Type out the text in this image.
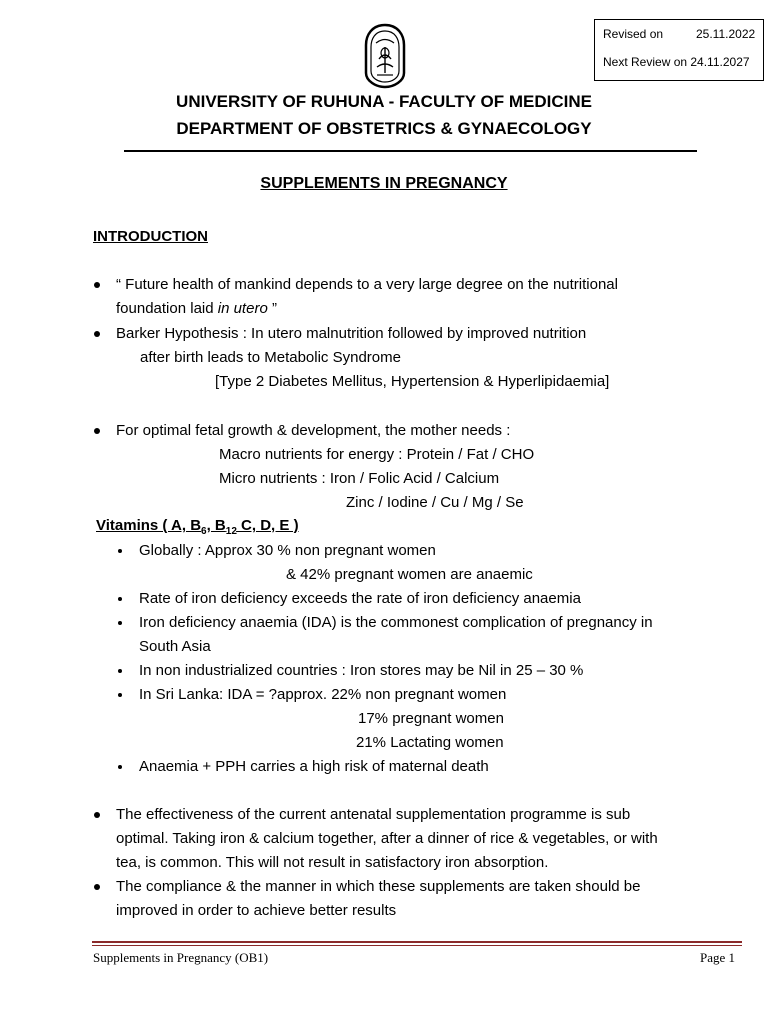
Revised on	25.11.2022
Next Review on 24.11.2027
UNIVERSITY OF RUHUNA - FACULTY OF MEDICINE
DEPARTMENT OF OBSTETRICS & GYNAECOLOGY
SUPPLEMENTS IN PREGNANCY
INTRODUCTION
“ Future health of mankind depends to a very large degree on the nutritional
foundation laid in utero ”
Barker Hypothesis : In utero malnutrition followed by improved nutrition
after birth leads to Metabolic Syndrome
[Type 2 Diabetes Mellitus, Hypertension & Hyperlipidaemia]
For optimal fetal growth & development, the mother needs :
Macro nutrients for energy : Protein / Fat / CHO
Micro nutrients : Iron / Folic Acid / Calcium
Zinc / Iodine / Cu / Mg / Se
Vitamins ( A, $B_6$, $B_{12}$ C, D, E )
Globally : Approx 30 % non pregnant women
& 42% pregnant women are anaemic
Rate of iron deficiency exceeds the rate of iron deficiency anaemia
Iron deficiency anaemia (IDA) is the commonest complication of pregnancy in
South Asia
In non industrialized countries : Iron stores may be Nil in 25 – 30 %
In Sri Lanka: IDA = ?approx. 22% non pregnant women
17% pregnant women
21% Lactating women
Anaemia + PPH carries a high risk of maternal death
The effectiveness of the current antenatal supplementation programme is sub
optimal. Taking iron & calcium together, after a dinner of rice & vegetables, or with
tea, is common. This will not result in satisfactory iron absorption.
The compliance & the manner in which these supplements are taken should be
improved in order to achieve better results
Supplements in Pregnancy (OB1)	Page 1
